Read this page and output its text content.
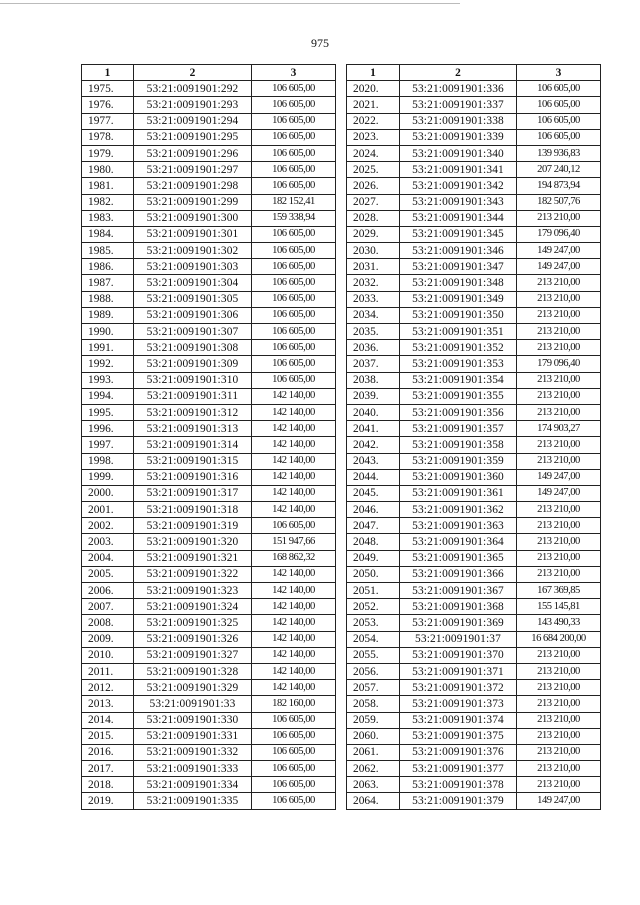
975
1	2	3
1975.	53:21:0091901:292	106 605,00
1976.	53:21:0091901:293	106 605,00
1977.	53:21:0091901:294	106 605,00
1978.	53:21:0091901:295	106 605,00
1979.	53:21:0091901:296	106 605,00
1980.	53:21:0091901:297	106 605,00
1981.	53:21:0091901:298	106 605,00
1982.	53:21:0091901:299	182 152,41
1983.	53:21:0091901:300	159 338,94
1984.	53:21:0091901:301	106 605,00
1985.	53:21:0091901:302	106 605,00
1986.	53:21:0091901:303	106 605,00
1987.	53:21:0091901:304	106 605,00
1988.	53:21:0091901:305	106 605,00
1989.	53:21:0091901:306	106 605,00
1990.	53:21:0091901:307	106 605,00
1991.	53:21:0091901:308	106 605,00
1992.	53:21:0091901:309	106 605,00
1993.	53:21:0091901:310	106 605,00
1994.	53:21:0091901:311	142 140,00
1995.	53:21:0091901:312	142 140,00
1996.	53:21:0091901:313	142 140,00
1997.	53:21:0091901:314	142 140,00
1998.	53:21:0091901:315	142 140,00
1999.	53:21:0091901:316	142 140,00
2000.	53:21:0091901:317	142 140,00
2001.	53:21:0091901:318	142 140,00
2002.	53:21:0091901:319	106 605,00
2003.	53:21:0091901:320	151 947,66
2004.	53:21:0091901:321	168 862,32
2005.	53:21:0091901:322	142 140,00
2006.	53:21:0091901:323	142 140,00
2007.	53:21:0091901:324	142 140,00
2008.	53:21:0091901:325	142 140,00
2009.	53:21:0091901:326	142 140,00
2010.	53:21:0091901:327	142 140,00
2011.	53:21:0091901:328	142 140,00
2012.	53:21:0091901:329	142 140,00
2013.	53:21:0091901:33	182 160,00
2014.	53:21:0091901:330	106 605,00
2015.	53:21:0091901:331	106 605,00
2016.	53:21:0091901:332	106 605,00
2017.	53:21:0091901:333	106 605,00
2018.	53:21:0091901:334	106 605,00
2019.	53:21:0091901:335	106 605,00
1	2	3
2020.	53:21:0091901:336	106 605,00
2021.	53:21:0091901:337	106 605,00
2022.	53:21:0091901:338	106 605,00
2023.	53:21:0091901:339	106 605,00
2024.	53:21:0091901:340	139 936,83
2025.	53:21:0091901:341	207 240,12
2026.	53:21:0091901:342	194 873,94
2027.	53:21:0091901:343	182 507,76
2028.	53:21:0091901:344	213 210,00
2029.	53:21:0091901:345	179 096,40
2030.	53:21:0091901:346	149 247,00
2031.	53:21:0091901:347	149 247,00
2032.	53:21:0091901:348	213 210,00
2033.	53:21:0091901:349	213 210,00
2034.	53:21:0091901:350	213 210,00
2035.	53:21:0091901:351	213 210,00
2036.	53:21:0091901:352	213 210,00
2037.	53:21:0091901:353	179 096,40
2038.	53:21:0091901:354	213 210,00
2039.	53:21:0091901:355	213 210,00
2040.	53:21:0091901:356	213 210,00
2041.	53:21:0091901:357	174 903,27
2042.	53:21:0091901:358	213 210,00
2043.	53:21:0091901:359	213 210,00
2044.	53:21:0091901:360	149 247,00
2045.	53:21:0091901:361	149 247,00
2046.	53:21:0091901:362	213 210,00
2047.	53:21:0091901:363	213 210,00
2048.	53:21:0091901:364	213 210,00
2049.	53:21:0091901:365	213 210,00
2050.	53:21:0091901:366	213 210,00
2051.	53:21:0091901:367	167 369,85
2052.	53:21:0091901:368	155 145,81
2053.	53:21:0091901:369	143 490,33
2054.	53:21:0091901:37	16 684 200,00
2055.	53:21:0091901:370	213 210,00
2056.	53:21:0091901:371	213 210,00
2057.	53:21:0091901:372	213 210,00
2058.	53:21:0091901:373	213 210,00
2059.	53:21:0091901:374	213 210,00
2060.	53:21:0091901:375	213 210,00
2061.	53:21:0091901:376	213 210,00
2062.	53:21:0091901:377	213 210,00
2063.	53:21:0091901:378	213 210,00
2064.	53:21:0091901:379	149 247,00
